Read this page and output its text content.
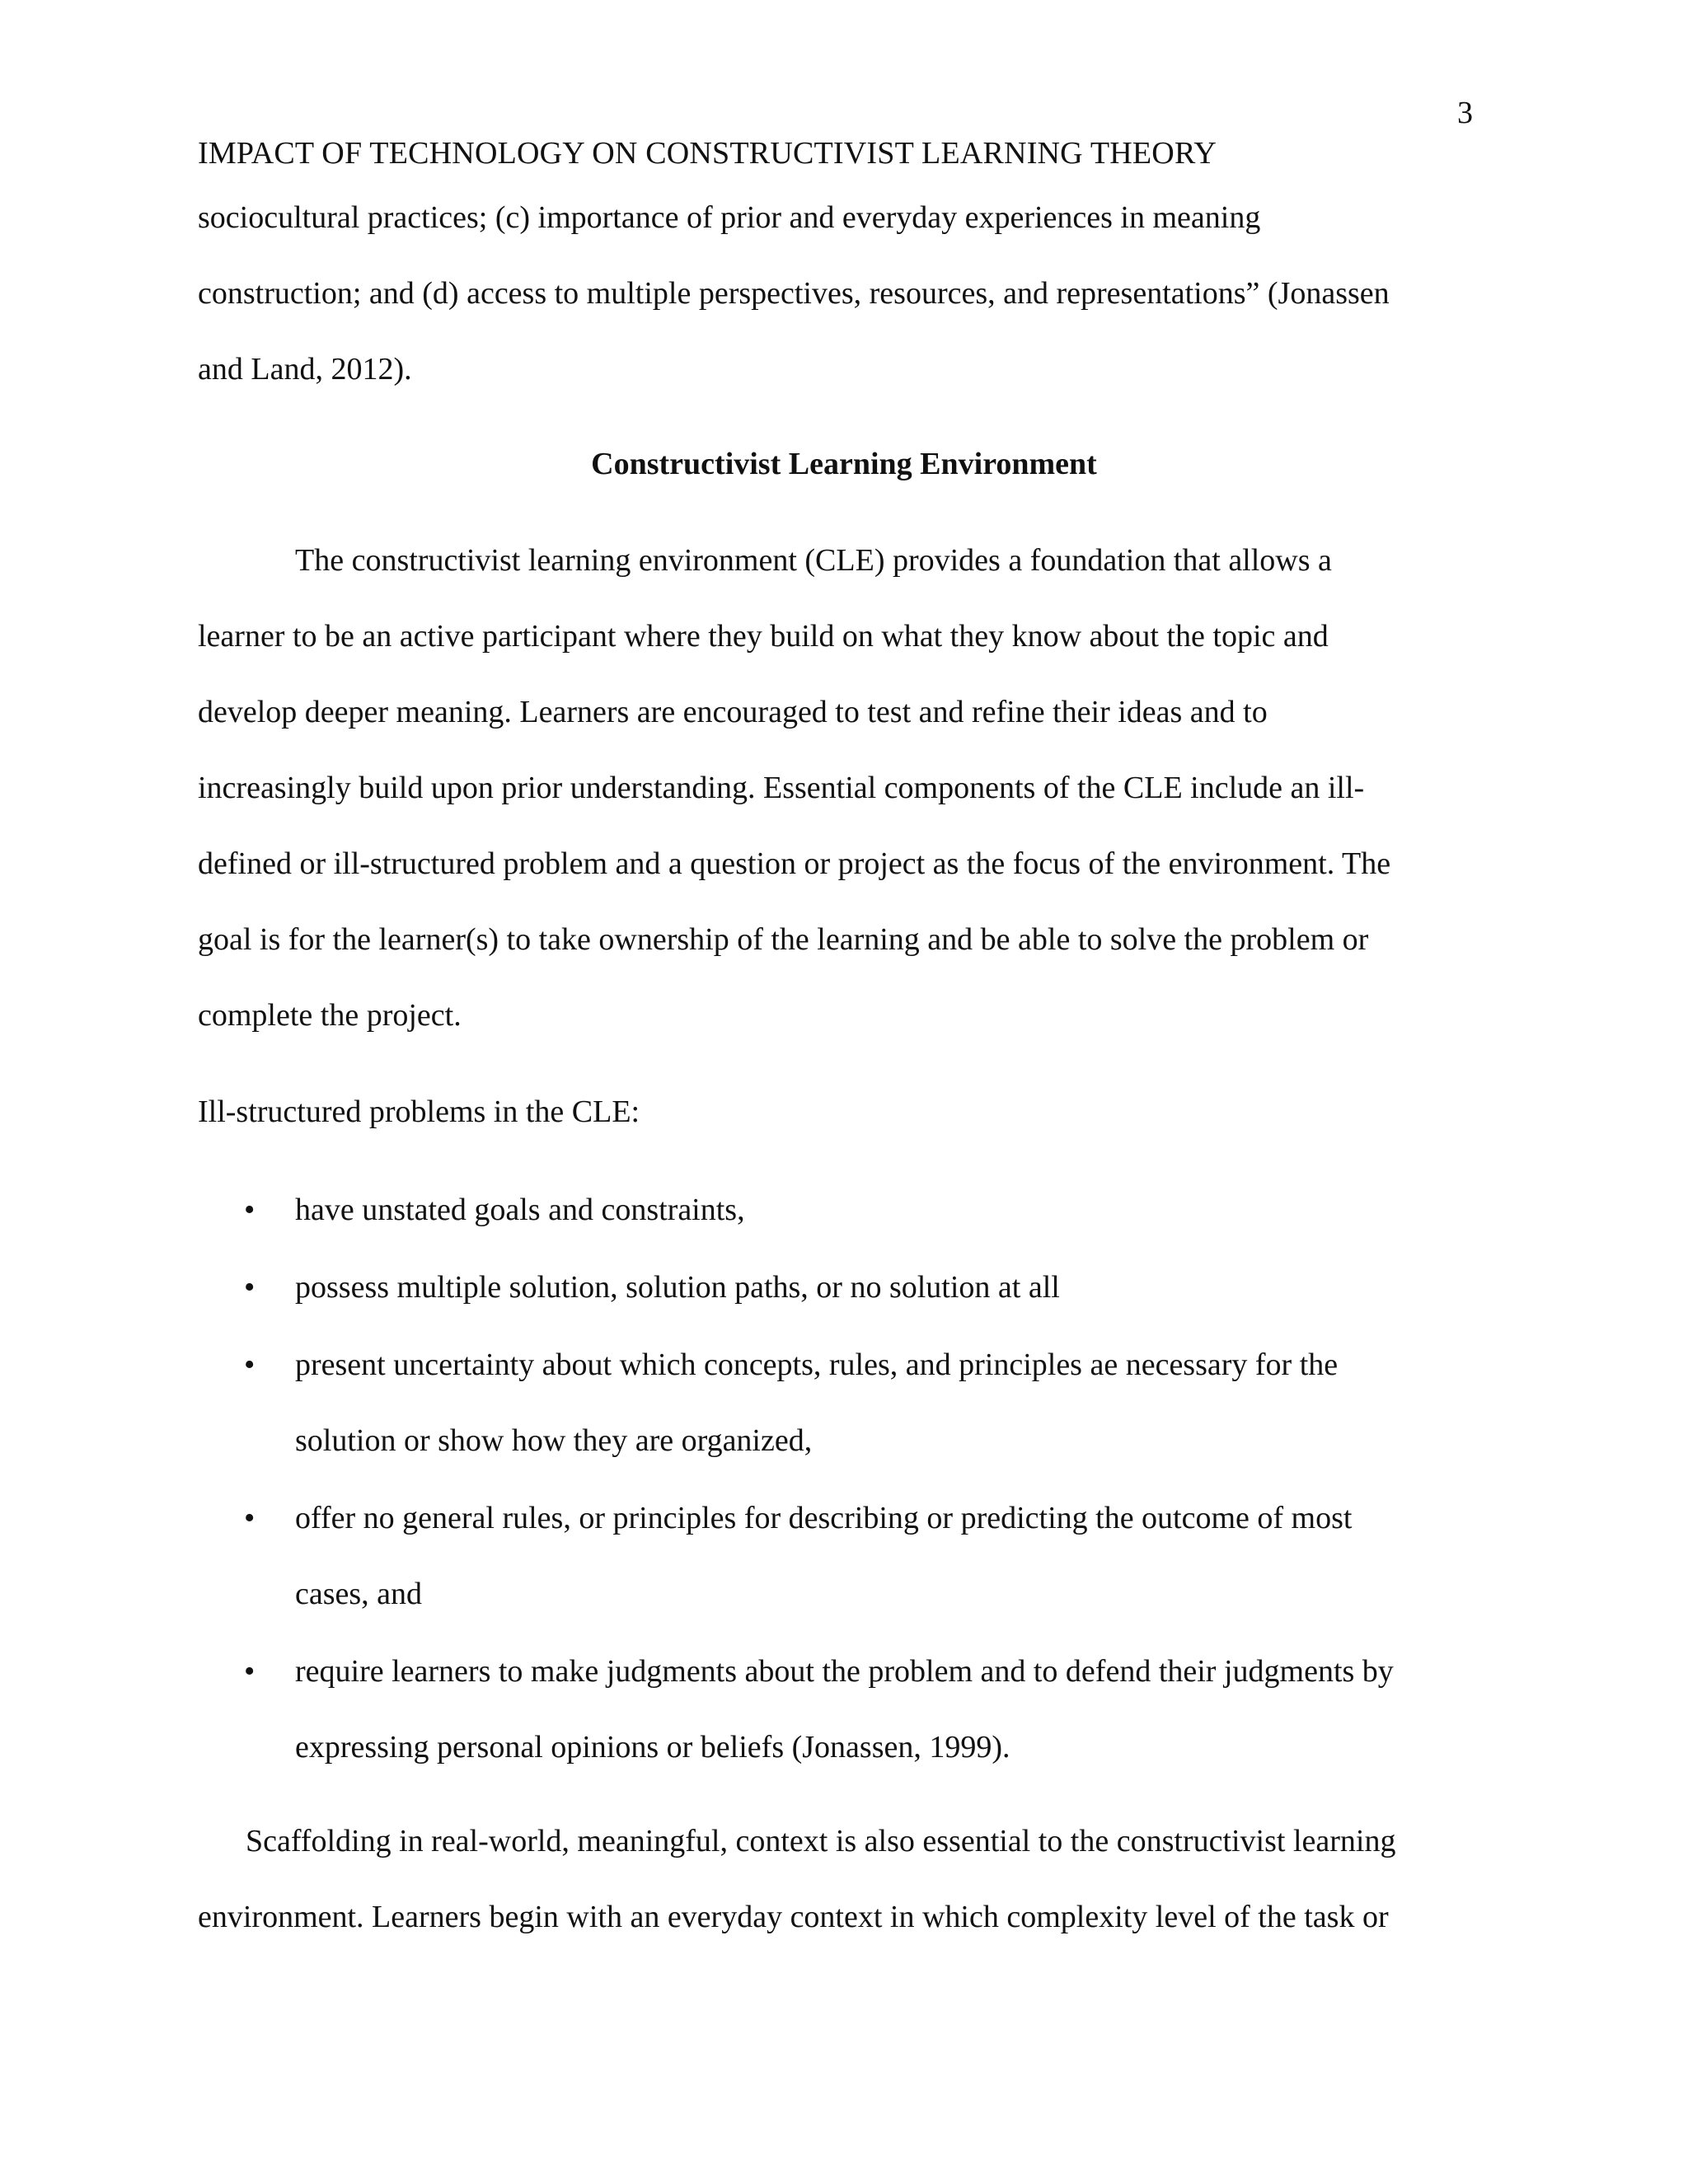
3
IMPACT OF TECHNOLOGY ON CONSTRUCTIVIST LEARNING THEORY
sociocultural practices; (c) importance of prior and everyday experiences in meaning
construction; and (d) access to multiple perspectives, resources, and representations” (Jonassen
and Land, 2012).
Constructivist Learning Environment
The constructivist learning environment (CLE) provides a foundation that allows a
learner to be an active participant where they build on what they know about the topic and
develop deeper meaning. Learners are encouraged to test and refine their ideas and to
increasingly build upon prior understanding. Essential components of the CLE include an ill-
defined or ill-structured problem and a question or project as the focus of the environment. The
goal is for the learner(s) to take ownership of the learning and be able to solve the problem or
complete the project.
Ill-structured problems in the CLE:
• have unstated goals and constraints,
• possess multiple solution, solution paths, or no solution at all
• present uncertainty about which concepts, rules, and principles ae necessary for the
solution or show how they are organized,
• offer no general rules, or principles for describing or predicting the outcome of most
cases, and
• require learners to make judgments about the problem and to defend their judgments by
expressing personal opinions or beliefs (Jonassen, 1999).
Scaffolding in real-world, meaningful, context is also essential to the constructivist learning
environment. Learners begin with an everyday context in which complexity level of the task or
